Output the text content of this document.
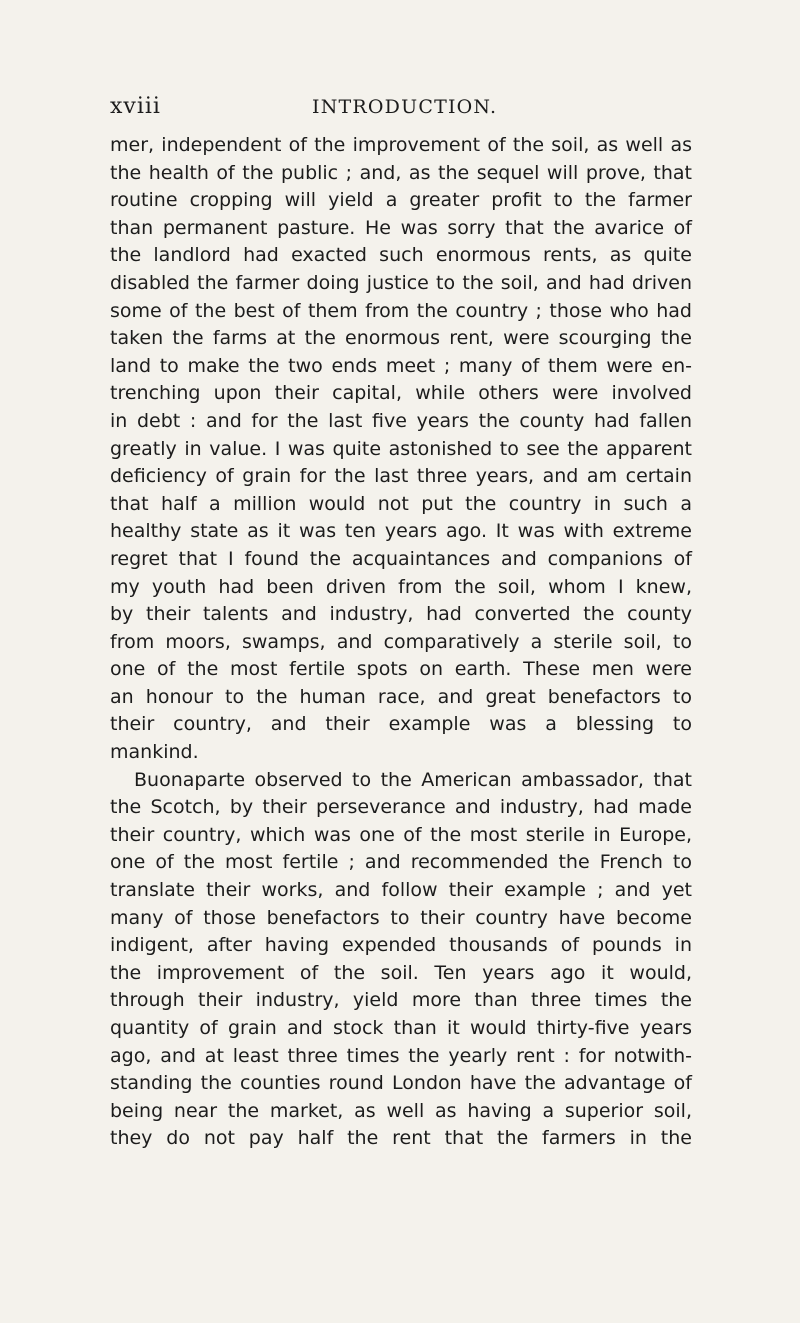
xviii	INTRODUCTION.
mer, independent of the improvement of the soil, as well as
the health of the public ; and, as the sequel will prove, that
routine cropping will yield a greater profit to the farmer
than permanent pasture. He was sorry that the avarice of
the landlord had exacted such enormous rents, as quite
disabled the farmer doing justice to the soil, and had driven
some of the best of them from the country ; those who had
taken the farms at the enormous rent, were scourging the
land to make the two ends meet ; many of them were en-
trenching upon their capital, while others were involved
in debt : and for the last five years the county had fallen
greatly in value. I was quite astonished to see the apparent
deficiency of grain for the last three years, and am certain
that half a million would not put the country in such a
healthy state as it was ten years ago. It was with extreme
regret that I found the acquaintances and companions of
my youth had been driven from the soil, whom I knew,
by their talents and industry, had converted the county
from moors, swamps, and comparatively a sterile soil, to
one of the most fertile spots on earth. These men were
an honour to the human race, and great benefactors to
their country, and their example was a blessing to
mankind.
Buonaparte observed to the American ambassador, that
the Scotch, by their perseverance and industry, had made
their country, which was one of the most sterile in Europe,
one of the most fertile ; and recommended the French to
translate their works, and follow their example ; and yet
many of those benefactors to their country have become
indigent, after having expended thousands of pounds in
the improvement of the soil. Ten years ago it would,
through their industry, yield more than three times the
quantity of grain and stock than it would thirty-five years
ago, and at least three times the yearly rent : for notwith-
standing the counties round London have the advantage of
being near the market, as well as having a superior soil,
they do not pay half the rent that the farmers in the
